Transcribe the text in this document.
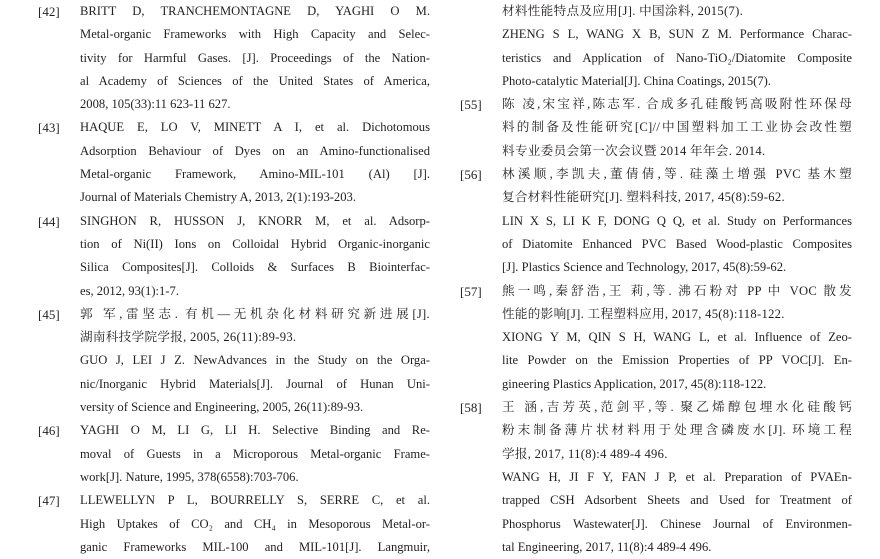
[42]	BRITT D, TRANCHEMONTAGNE D, YAGHI O M.
Metal-organic Frameworks with High Capacity and Selec-
tivity for Harmful Gases. [J]. Proceedings of the Nation-
al Academy of Sciences of the United States of America,
2008, 105(33):11 623-11 627.
[43]	HAQUE E, LO V, MINETT A I, et al. Dichotomous
Adsorption Behaviour of Dyes on an Amino-functionalised
Metal-organic Framework, Amino-MIL-101 (Al) [J].
Journal of Materials Chemistry A, 2013, 2(1):193-203.
[44]	SINGHON R, HUSSON J, KNORR M, et al. Adsorp-
tion of Ni(II) Ions on Colloidal Hybrid Organic-inorganic
Silica Composites[J]. Colloids & Surfaces B Biointerfac-
es, 2012, 93(1):1-7.
[45]	郭 军,雷坚志. 有机—无机杂化材料研究新进展[J].
湖南科技学院学报, 2005, 26(11):89-93.
GUO J, LEI J Z. NewAdvances in the Study on the Orga-
nic/Inorganic Hybrid Materials[J]. Journal of Hunan Uni-
versity of Science and Engineering, 2005, 26(11):89-93.
[46]	YAGHI O M, LI G, LI H. Selective Binding and Re-
moval of Guests in a Microporous Metal-organic Frame-
work[J]. Nature, 1995, 378(6558):703-706.
[47]	LLEWELLYN P L, BOURRELLY S, SERRE C, et al.
High Uptakes of CO₂ and CH₄ in Mesoporous Metal-or-
ganic Frameworks MIL-100 and MIL-101[J]. Langmuir,
材料性能特点及应用[J]. 中国涂料, 2015(7).
ZHENG S L, WANG X B, SUN Z M. Performance Charac-
teristics and Application of Nano-TiO₂/Diatomite Composite
Photo-catalytic Material[J]. China Coatings, 2015(7).
[55]	陈 凌,宋宝祥,陈志军. 合成多孔硅酸钙高吸附性环保母
料的制备及性能研究[C]//中国塑料加工工业协会改性塑
料专业委员会第一次会议暨 2014 年年会. 2014.
[56]	林溪顺,李凯夫,董倩倩,等. 硅藻土增强 PVC 基木塑
复合材料性能研究[J]. 塑料科技, 2017, 45(8):59-62.
LIN X S, LI K F, DONG Q Q, et al. Study on Performances
of Diatomite Enhanced PVC Based Wood-plastic Composites
[J]. Plastics Science and Technology, 2017, 45(8):59-62.
[57]	熊一鸣,秦舒浩,王 莉,等. 沸石粉对 PP 中 VOC 散发
性能的影响[J]. 工程塑料应用, 2017, 45(8):118-122.
XIONG Y M, QIN S H, WANG L, et al. Influence of Zeo-
lite Powder on the Emission Properties of PP VOC[J]. En-
gineering Plastics Application, 2017, 45(8):118-122.
[58]	王 涵,吉芳英,范剑平,等. 聚乙烯醇包埋水化硅酸钙
粉末制备薄片状材料用于处理含磷废水[J]. 环境工程
学报, 2017, 11(8):4 489-4 496.
WANG H, JI F Y, FAN J P, et al. Preparation of PVAEn-
trapped CSH Adsorbent Sheets and Used for Treatment of
Phosphorus Wastewater[J]. Chinese Journal of Environmen-
tal Engineering, 2017, 11(8):4 489-4 496.
